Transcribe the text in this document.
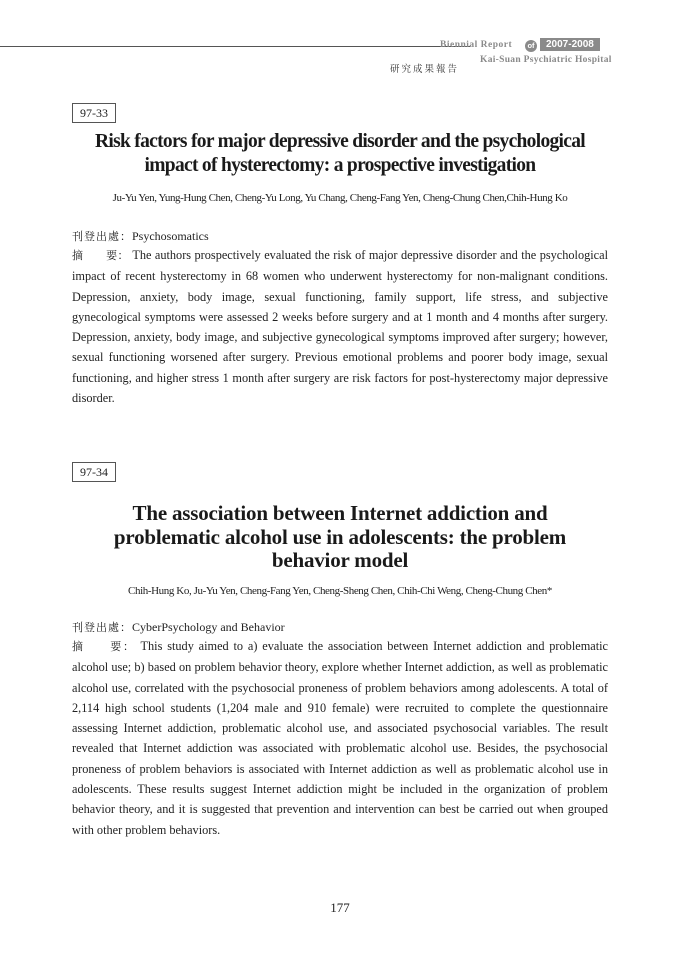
Biennial Report	of	2007-2008
研究成果報告
Kai-Suan Psychiatric Hospital
97-33
Risk factors for major depressive disorder and the psychological
impact of hysterectomy: a prospective investigation
Ju-Yu Yen, Yung-Hung Chen, Cheng-Yu Long, Yu Chang, Cheng-Fang Yen, Cheng-Chung Chen,Chih-Hung Ko
刊登出處：Psychosomatics
摘　　要： The authors prospectively evaluated the risk of major depressive disorder and the psychological impact of recent hysterectomy in 68 women who underwent hysterectomy for non-malignant conditions. Depression, anxiety, body image, sexual functioning, family support, life stress, and subjective gynecological symptoms were assessed 2 weeks before surgery and at 1 month and 4 months after surgery. Depression, anxiety, body image, and subjective gynecological symptoms improved after surgery; however, sexual functioning worsened after surgery. Previous emotional problems and poorer body image, sexual functioning, and higher stress 1 month after surgery are risk factors for post-hysterectomy major depressive disorder.
97-34
The association between Internet addiction and
problematic alcohol use in adolescents: the problem
behavior model
Chih-Hung Ko, Ju-Yu Yen, Cheng-Fang Yen, Cheng-Sheng Chen, Chih-Chi Weng, Cheng-Chung Chen*
刊登出處：CyberPsychology and Behavior
摘　　要： This study aimed to a) evaluate the association between Internet addiction and problematic alcohol use; b) based on problem behavior theory, explore whether Internet addiction, as well as problematic alcohol use, correlated with the psychosocial proneness of problem behaviors among adolescents. A total of 2,114 high school students (1,204 male and 910 female) were recruited to complete the questionnaire assessing Internet addiction, problematic alcohol use, and associated psychosocial variables. The result revealed that Internet addiction was associated with problematic alcohol use. Besides, the psychosocial proneness of problem behaviors is associated with Internet addiction as well as problematic alcohol use in adolescents. These results suggest Internet addiction might be included in the organization of problem behavior theory, and it is suggested that prevention and intervention can best be carried out when grouped with other problem behaviors.
177
